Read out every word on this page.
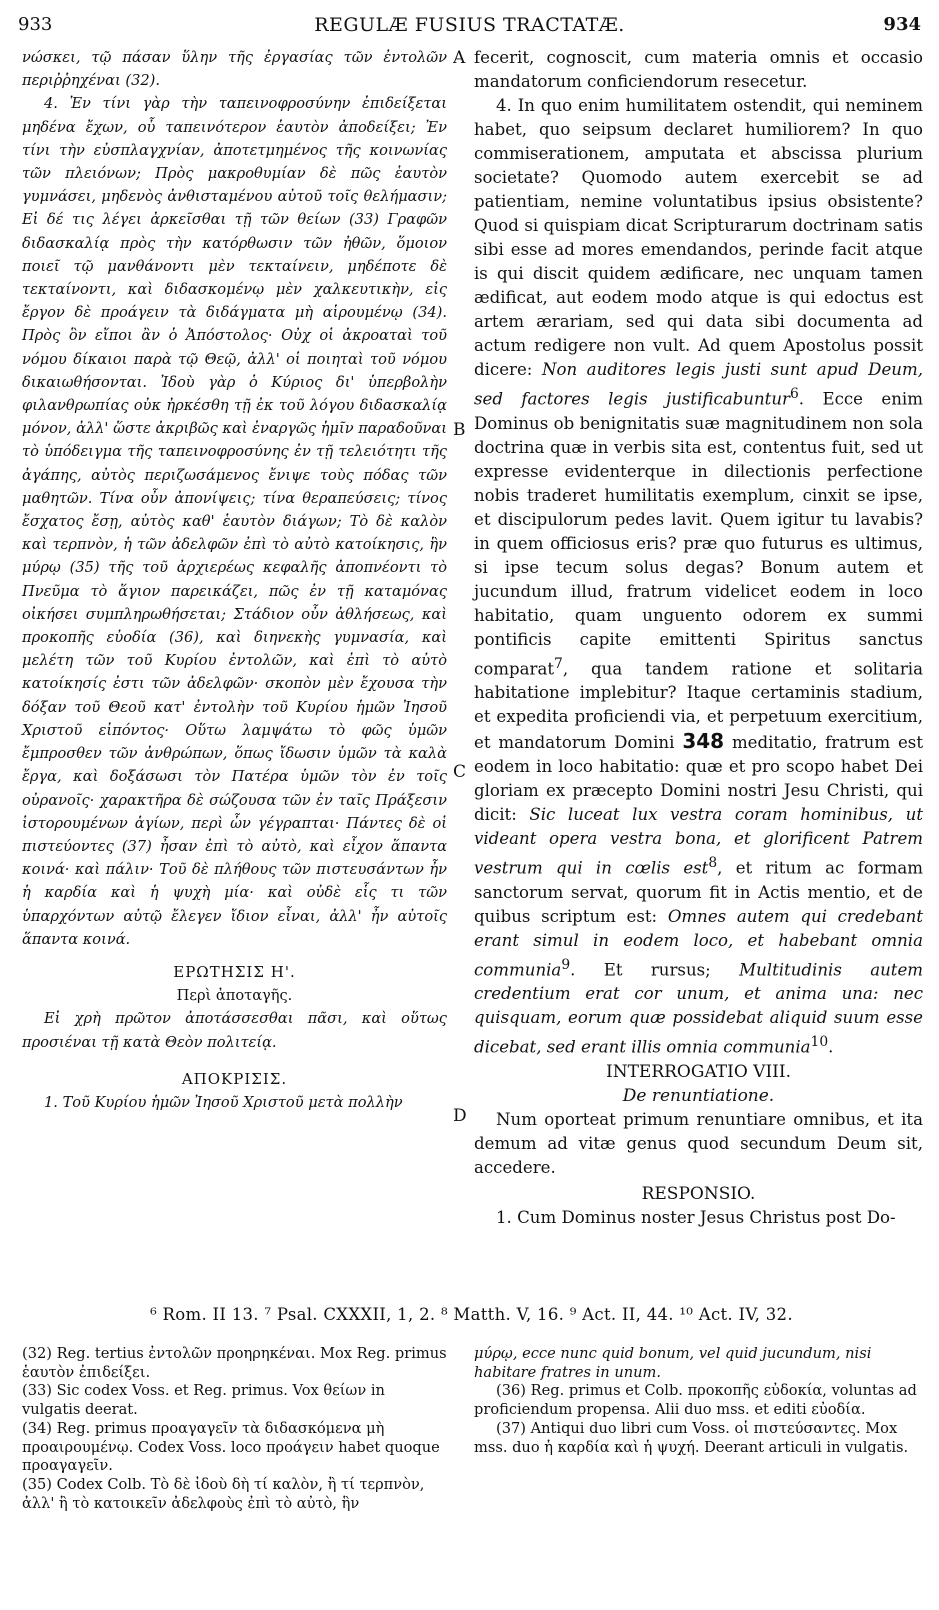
933	REGULÆ FUSIUS TRACTATÆ.	934

νώσκει, τῷ πάσαν ὕλην τῆς ἐργασίας τῶν ἐντολῶν περιῤῥηχέναι (32).

4. Ἐν τίνι γὰρ τὴν ταπεινοφροσύνην ἐπιδείξεται μηδένα ἔχων, οὗ ταπεινότερον ἑαυτὸν ἀποδείξει; Ἐν τίνι τὴν εὐσπλαγχνίαν, ἀποτετμημένος τῆς κοινωνίας τῶν πλειόνων; Πρὸς μακροθυμίαν δὲ πῶς ἑαυτὸν γυμνάσει, μηδενὸς ἀνθισταμένου αὐτοῦ τοῖς θελήμασιν; Εἰ δέ τις λέγει ἀρκεῖσθαι τῇ τῶν θείων (33) Γραφῶν διδασκαλίᾳ πρὸς τὴν κατόρθωσιν τῶν ἠθῶν, ὅμοιον ποιεῖ τῷ μανθάνοντι μὲν τεκταίνειν, μηδέποτε δὲ τεκταίνοντι, καὶ διδασκομένῳ μὲν χαλκευτικὴν, εἰς ἔργον δὲ προάγειν τὰ διδάγματα μὴ αἱρουμένῳ (34). Πρὸς ὃν εἴποι ἂν ὁ Ἀπόστολος· Οὐχ οἱ ἀκροαταὶ τοῦ νόμου δίκαιοι παρὰ τῷ Θεῷ, ἀλλ' οἱ ποιηταὶ τοῦ νόμου δικαιωθήσονται. Ἰδοὺ γὰρ ὁ Κύριος δι' ὑπερβολὴν φιλανθρωπίας οὐκ ἠρκέσθη τῇ ἐκ τοῦ λόγου διδασκαλίᾳ μόνον, ἀλλ' ὥστε ἀκριβῶς καὶ ἐναργῶς ἡμῖν παραδοῦναι τὸ ὑπόδειγμα τῆς ταπεινοφροσύνης ἐν τῇ τελειότητι τῆς ἀγάπης, αὐτὸς περιζωσάμενος ἔνιψε τοὺς πόδας τῶν μαθητῶν. Τίνα οὖν ἀπονίψεις; τίνα θεραπεύσεις; τίνος ἔσχατος ἔσῃ, αὐτὸς καθ' ἑαυτὸν διάγων; Τὸ δὲ καλὸν καὶ τερπνὸν, ἡ τῶν ἀδελφῶν ἐπὶ τὸ αὐτὸ κατοίκησις, ἣν μύρῳ (35) τῆς τοῦ ἀρχιερέως κεφαλῆς ἀποπνέοντι τὸ Πνεῦμα τὸ ἅγιον παρεικάζει, πῶς ἐν τῇ καταμόνας οἰκήσει συμπληρωθήσεται; Στάδιον οὖν ἀθλήσεως, καὶ προκοπῆς εὐοδία (36), καὶ διηνεκὴς γυμνασία, καὶ μελέτη τῶν τοῦ Κυρίου ἐντολῶν, καὶ ἐπὶ τὸ αὐτὸ κατοίκησίς ἐστι τῶν ἀδελφῶν· σκοπὸν μὲν ἔχουσα τὴν δόξαν τοῦ Θεοῦ κατ' ἐντολὴν τοῦ Κυρίου ἡμῶν Ἰησοῦ Χριστοῦ εἰπόντος· Οὕτω λαμψάτω τὸ φῶς ὑμῶν ἔμπροσθεν τῶν ἀνθρώπων, ὅπως ἴδωσιν ὑμῶν τὰ καλὰ ἔργα, καὶ δοξάσωσι τὸν Πατέρα ὑμῶν τὸν ἐν τοῖς οὐρανοῖς· χαρακτῆρα δὲ σώζουσα τῶν ἐν ταῖς Πράξεσιν ἱστορουμένων ἁγίων, περὶ ὧν γέγραπται· Πάντες δὲ οἱ πιστεύοντες (37) ἦσαν ἐπὶ τὸ αὐτὸ, καὶ εἶχον ἅπαντα κοινά· καὶ πάλιν· Τοῦ δὲ πλήθους τῶν πιστευσάντων ἦν ἡ καρδία καὶ ἡ ψυχὴ μία· καὶ οὐδὲ εἷς τι τῶν ὑπαρχόντων αὐτῷ ἔλεγεν ἴδιον εἶναι, ἀλλ' ἦν αὐτοῖς ἅπαντα κοινά.

ΕΡΩΤΗΣΙΣ Η'.

Περὶ ἀποταγῆς.

Εἰ χρὴ πρῶτον ἀποτάσσεσθαι πᾶσι, καὶ οὕτως προσιέναι τῇ κατὰ Θεὸν πολιτείᾳ.

ΑΠΟΚΡΙΣΙΣ.

1. Τοῦ Κυρίου ἡμῶν Ἰησοῦ Χριστοῦ μετὰ πολλὴν

A
B
C
D

fecerit, cognoscit, cum materia omnis et occasio mandatorum conficiendorum resecetur.

4. In quo enim humilitatem ostendit, qui neminem habet, quo seipsum declaret humiliorem? In quo commiserationem, amputata et abscissa plurium societate? Quomodo autem exercebit se ad patientiam, nemine voluntatibus ipsius obsistente? Quod si quispiam dicat Scripturarum doctrinam satis sibi esse ad mores emendandos, perinde facit atque is qui discit quidem ædificare, nec unquam tamen ædificat, aut eodem modo atque is qui edoctus est artem ærariam, sed qui data sibi documenta ad actum redigere non vult. Ad quem Apostolus possit dicere: Non auditores legis justi sunt apud Deum, sed factores legis justificabuntur$^6$. Ecce enim Dominus ob benignitatis suæ magnitudinem non sola doctrina quæ in verbis sita est, contentus fuit, sed ut expresse evidenterque in dilectionis perfectione nobis traderet humilitatis exemplum, cinxit se ipse, et discipulorum pedes lavit. Quem igitur tu lavabis? in quem officiosus eris? præ quo futurus es ultimus, si ipse tecum solus degas? Bonum autem et jucundum illud, fratrum videlicet eodem in loco habitatio, quam unguento odorem ex summi pontificis capite emittenti Spiritus sanctus comparat$^7$, qua tandem ratione et solitaria habitatione implebitur? Itaque certaminis stadium, et expedita proficiendi via, et perpetuum exercitium, et mandatorum Domini 348 meditatio, fratrum est eodem in loco habitatio: quæ et pro scopo habet Dei gloriam ex præcepto Domini nostri Jesu Christi, qui dicit: Sic luceat lux vestra coram hominibus, ut videant opera vestra bona, et glorificent Patrem vestrum qui in cœlis est$^8$, et ritum ac formam sanctorum servat, quorum fit in Actis mentio, et de quibus scriptum est: Omnes autem qui credebant erant simul in eodem loco, et habebant omnia communia$^9$. Et rursus; Multitudinis autem credentium erat cor unum, et anima una: nec quisquam, eorum quæ possidebat aliquid suum esse dicebat, sed erant illis omnia communia$^{10}$.

INTERROGATIO VIII.

De renuntiatione.

Num oporteat primum renuntiare omnibus, et ita demum ad vitæ genus quod secundum Deum sit, accedere.

RESPONSIO.

1. Cum Dominus noster Jesus Christus post Do-

⁶ Rom. II 13. ⁷ Psal. CXXXII, 1, 2. ⁸ Matth. V, 16. ⁹ Act. II, 44. ¹⁰ Act. IV, 32.

(32) Reg. tertius ἐντολῶν προηρηκέναι. Mox Reg. primus ἑαυτὸν ἐπιδείξει.

(33) Sic codex Voss. et Reg. primus. Vox θείων in vulgatis deerat.

(34) Reg. primus προαγαγεῖν τὰ διδασκόμενα μὴ προαιρουμένῳ. Codex Voss. loco προάγειν habet quoque προαγαγεῖν.

(35) Codex Colb. Τὸ δὲ ἰδοὺ δὴ τί καλὸν, ἢ τί τερπνὸν, ἀλλ' ἢ τὸ κατοικεῖν ἀδελφοὺς ἐπὶ τὸ αὐτὸ, ἣν

μύρῳ, ecce nunc quid bonum, vel quid jucundum, nisi habitare fratres in unum.

(36) Reg. primus et Colb. προκοπῆς εὐδοκία, voluntas ad proficiendum propensa. Alii duo mss. et editi εὐοδία.

(37) Antiqui duo libri cum Voss. οἱ πιστεύσαντες. Mox mss. duo ἡ καρδία καὶ ἡ ψυχή. Deerant articuli in vulgatis.
